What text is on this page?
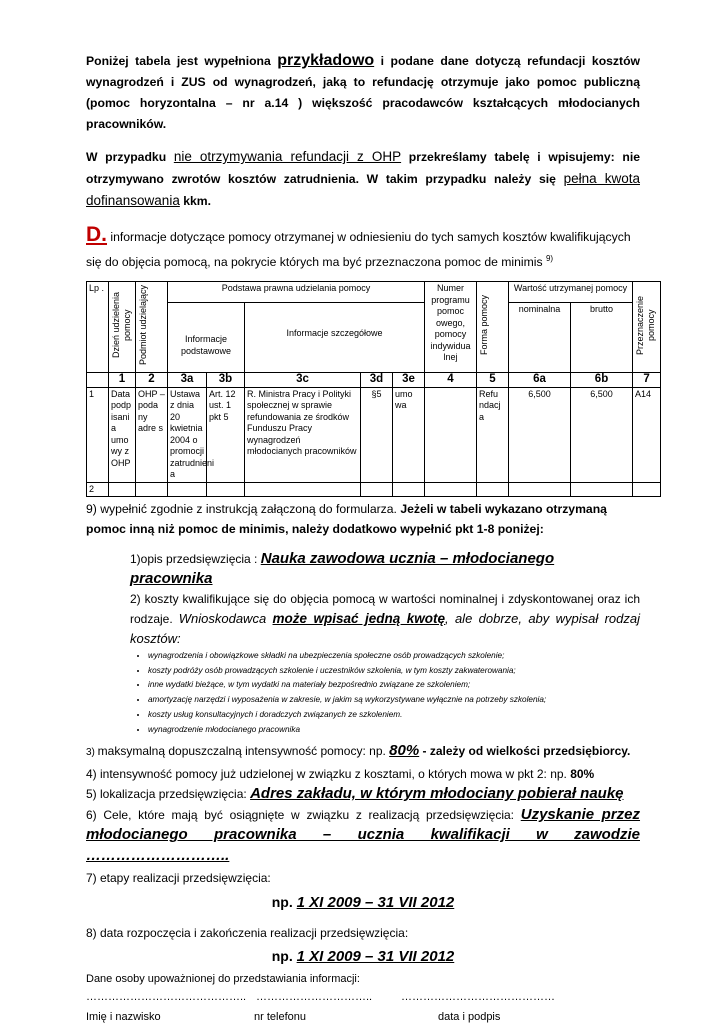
Poniżej tabela jest wypełniona przykładowo i podane dane dotyczą refundacji kosztów wynagrodzeń i ZUS od wynagrodzeń, jaką to refundację otrzymuje jako pomoc publiczną (pomoc horyzontalna – nr a.14 ) większość pracodawców kształcących młodocianych pracowników.

W przypadku nie otrzymywania refundacji z OHP przekreślamy tabelę i wpisujemy: nie otrzymywano zwrotów kosztów zatrudnienia. W takim przypadku należy się pełna kwota dofinansowania kkm.

D. informacje dotyczące pomocy otrzymanej w odniesieniu do tych samych kosztów kwalifikujących się do objęcia pomocą, na pokrycie których ma być przeznaczona pomoc de minimis $^{9)}$

Lp .	Dzień udzielenia pomocy	Podmiot udzielający	Podstawa prawna udzielania pomocy					Numer programu pomoc owego, pomocy indywidua lnej	Forma pomocy	Wartość utrzymanej pomocy		Przeznaczenie pomocy

			Informacje podstawowe		Informacje szczegółowe					nominalna	brutto	
	1	2	3a	3b	3c	3d	3e	4	5	6a	6b	7
1	Data podp isani a umo wy z OHP	OHP – poda ny adre s	Ustawa z dnia 20 kwietnia 2004 o promocji zatrudnieni a	Art. 12 ust. 1 pkt 5	R. Ministra Pracy i Polityki społecznej w sprawie refundowania ze środków Funduszu Pracy wynagrodzeń młodocianych pracowników	§5	umo wa		Refu ndacj a	6,500	6,500	A14
2												

9) wypełnić zgodnie z instrukcją załączoną do formularza. Jeżeli w tabeli wykazano otrzymaną pomoc inną niż pomoc de minimis, należy dodatkowo wypełnić pkt 1-8 poniżej:

1)opis przedsięwzięcia : Nauka zawodowa ucznia – młodocianego pracownika

2) koszty kwalifikujące się do objęcia pomocą w wartości nominalnej i zdyskontowanej oraz ich rodzaje. Wnioskodawca może wpisać jedną kwotę, ale dobrze, aby wypisał rodzaj kosztów:

• wynagrodzenia i obowiązkowe składki na ubezpieczenia społeczne osób prowadzących szkolenie;
• koszty podróży osób prowadzących szkolenie i uczestników szkolenia, w tym koszty zakwaterowania;
• inne wydatki bieżące, w tym wydatki na materiały bezpośrednio związane ze szkoleniem;
• amortyzację narzędzi i wyposażenia w zakresie, w jakim są wykorzystywane wyłącznie na potrzeby szkolenia;
• koszty usług konsultacyjnych i doradczych związanych ze szkoleniem.
• wynagrodzenie młodocianego pracownika

3) maksymalną dopuszczalną intensywność pomocy: np. 80% - zależy od wielkości przedsiębiorcy.

4) intensywność pomocy już udzielonej w związku z kosztami, o których mowa w pkt 2: np. 80%

5) lokalizacja przedsięwzięcia: Adres zakładu, w którym młodociany pobierał naukę

6) Cele, które mają być osiągnięte w związku z realizacją przedsięwzięcia: Uzyskanie przez młodocianego pracownika – ucznia kwalifikacji w zawodzie ………………………..

7) etapy realizacji przedsięwzięcia:

np. 1 XI 2009 – 31 VII 2012

8) data rozpoczęcia i zakończenia realizacji przedsięwzięcia:

np. 1 XI 2009 – 31 VII 2012

Dane osoby upoważnionej do przedstawiania informacji:

…………………………………….. …………………………..	……………………………………
Imię i nazwisko	nr telefonu	data i podpis
